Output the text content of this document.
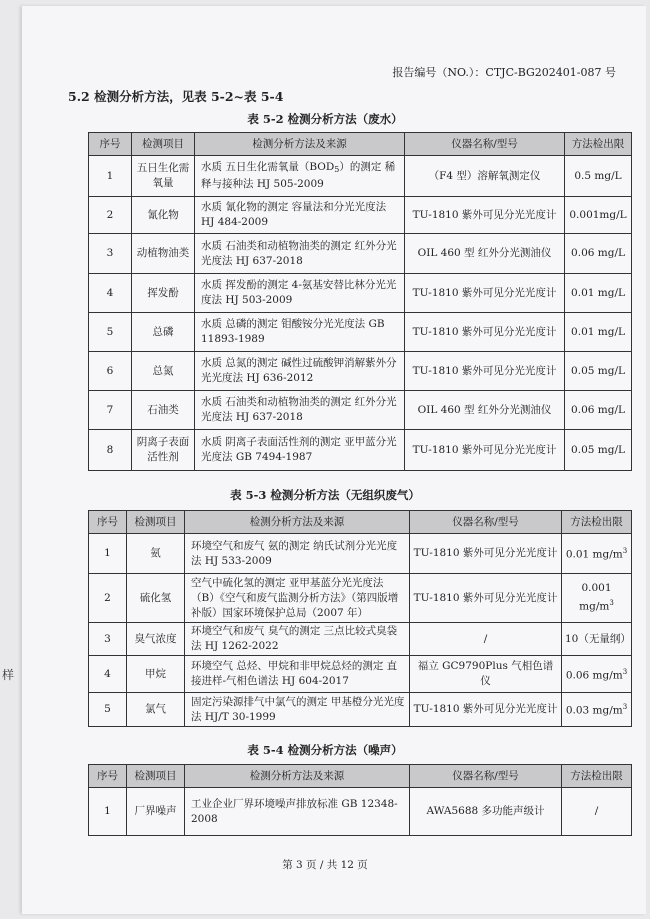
样
报告编号（NO.）：CTJC-BG202401-087 号
5.2 检测分析方法，见表 5-2~表 5-4
表 5-2 检测分析方法（废水）
序号	检测项目	检测分析方法及来源	仪器名称/型号	方法检出限
1	五日生化需氧量	水质 五日生化需氧量$(BOD_5)$的测定 稀释与接种法 HJ 505-2009	（F4 型）溶解氧测定仪	0.5 mg/L
2	氰化物	水质 氰化物的测定 容量法和分光光度法 HJ 484-2009	TU-1810 紫外可见分光光度计	0.001mg/L
3	动植物油类	水质 石油类和动植物油类的测定 红外分光光度法 HJ 637-2018	OIL 460 型 红外分光测油仪	0.06 mg/L
4	挥发酚	水质 挥发酚的测定 4-氨基安替比林分光光度法 HJ 503-2009	TU-1810 紫外可见分光光度计	0.01 mg/L
5	总磷	水质 总磷的测定 钼酸铵分光光度法 GB 11893-1989	TU-1810 紫外可见分光光度计	0.01 mg/L
6	总氮	水质 总氮的测定 碱性过硫酸钾消解紫外分光光度法 HJ 636-2012	TU-1810 紫外可见分光光度计	0.05 mg/L
7	石油类	水质 石油类和动植物油类的测定 红外分光光度法 HJ 637-2018	OIL 460 型 红外分光测油仪	0.06 mg/L
8	阴离子表面活性剂	水质 阴离子表面活性剂的测定 亚甲蓝分光光度法 GB 7494-1987	TU-1810 紫外可见分光光度计	0.05 mg/L
表 5-3 检测分析方法（无组织废气）
序号	检测项目	检测分析方法及来源	仪器名称/型号	方法检出限
1	氨	环境空气和废气 氨的测定 纳氏试剂分光光度法 HJ 533-2009	TU-1810 紫外可见分光光度计	0.01 $mg/m^3$
2	硫化氢	空气中硫化氢的测定 亚甲基蓝分光光度法（B）《空气和废气监测分析方法》（第四版增补版）国家环境保护总局（2007 年）	TU-1810 紫外可见分光光度计	0.001 $mg/m^3$
3	臭气浓度	环境空气和废气 臭气的测定 三点比较式臭袋法 HJ 1262-2022	/	10（无量纲）
4	甲烷	环境空气 总烃、甲烷和非甲烷总烃的测定 直接进样-气相色谱法 HJ 604-2017	福立 GC9790Plus 气相色谱仪	0.06 $mg/m^3$
5	氯气	固定污染源排气中氯气的测定 甲基橙分光光度法 HJ/T 30-1999	TU-1810 紫外可见分光光度计	0.03 $mg/m^3$
表 5-4 检测分析方法（噪声）
序号	检测项目	检测分析方法及来源	仪器名称/型号	方法检出限
1	厂界噪声	工业企业厂界环境噪声排放标准 GB 12348-2008	AWA5688 多功能声级计	/
第 3 页 / 共 12 页
